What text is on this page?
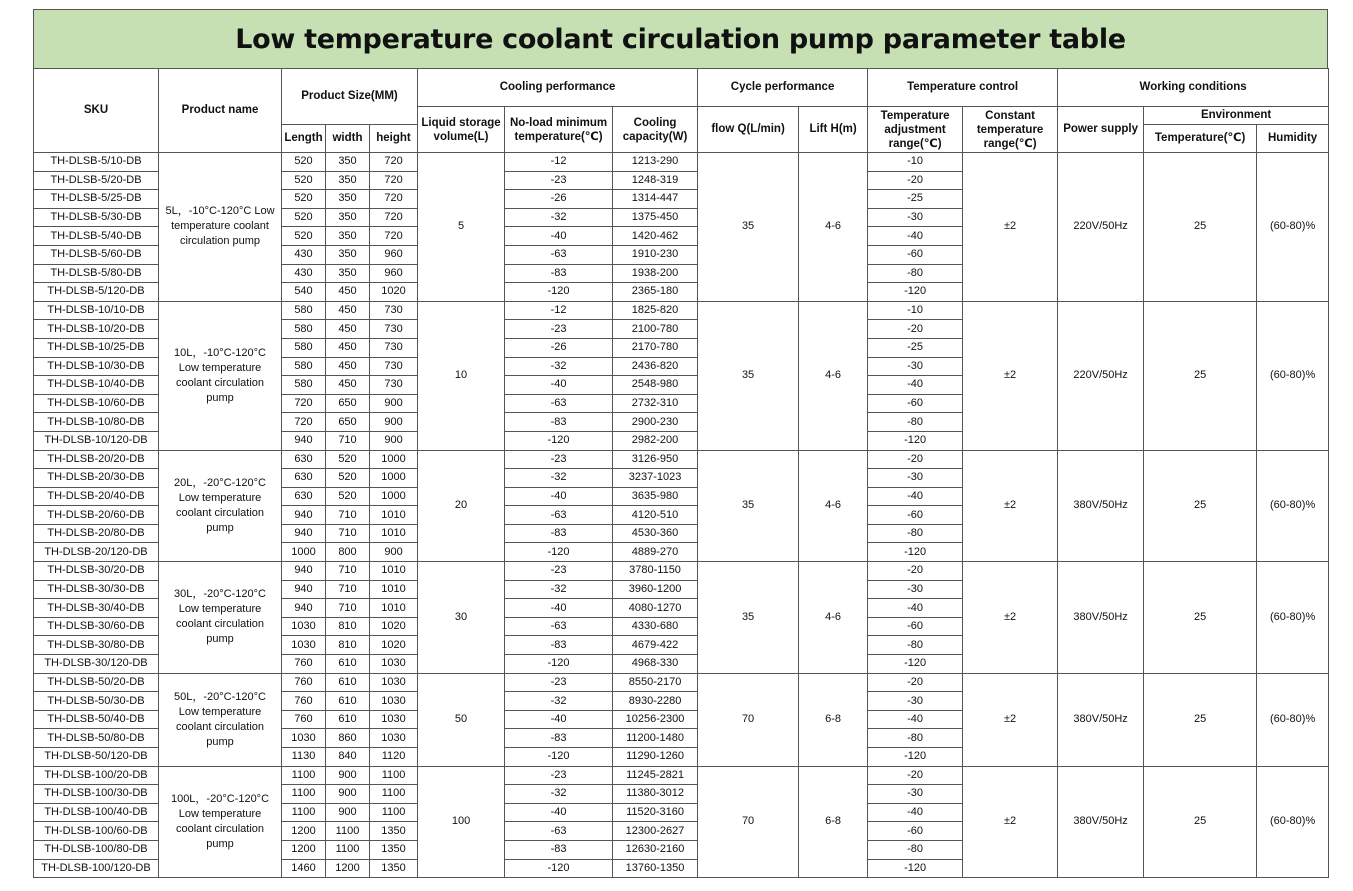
Low temperature coolant circulation pump parameter table
SKU	Product name	Product Size(MM)			Cooling performance			Cycle performance		Temperature control		Working conditions		
					Liquid storage volume(L)	No-load minimum temperature(℃)	Cooling capacity(W)	flow Q(L/min)	Lift H(m)	Temperature adjustment range(℃)	Constant temperature range(℃)	Power supply	Environment	
		Length	width	height									Temperature(℃)	Humidity
TH-DLSB-5/10-DB	5L，-10°C-120°C Low temperature coolant circulation pump	520	350	720	5	-12	1213-290	35	4-6	-10	±2	220V/50Hz	25	(60-80)%
TH-DLSB-5/20-DB		520	350	720		-23	1248-319			-20				
TH-DLSB-5/25-DB		520	350	720		-26	1314-447			-25				
TH-DLSB-5/30-DB		520	350	720		-32	1375-450			-30				
TH-DLSB-5/40-DB		520	350	720		-40	1420-462			-40				
TH-DLSB-5/60-DB		430	350	960		-63	1910-230			-60				
TH-DLSB-5/80-DB		430	350	960		-83	1938-200			-80				
TH-DLSB-5/120-DB		540	450	1020		-120	2365-180			-120				
TH-DLSB-10/10-DB	10L，-10°C-120°C Low temperature coolant circulation pump	580	450	730	10	-12	1825-820	35	4-6	-10	±2	220V/50Hz	25	(60-80)%
TH-DLSB-10/20-DB		580	450	730		-23	2100-780			-20				
TH-DLSB-10/25-DB		580	450	730		-26	2170-780			-25				
TH-DLSB-10/30-DB		580	450	730		-32	2436-820			-30				
TH-DLSB-10/40-DB		580	450	730		-40	2548-980			-40				
TH-DLSB-10/60-DB		720	650	900		-63	2732-310			-60				
TH-DLSB-10/80-DB		720	650	900		-83	2900-230			-80				
TH-DLSB-10/120-DB		940	710	900		-120	2982-200			-120				
TH-DLSB-20/20-DB	20L，-20°C-120°C Low temperature coolant circulation pump	630	520	1000	20	-23	3126-950	35	4-6	-20	±2	380V/50Hz	25	(60-80)%
TH-DLSB-20/30-DB		630	520	1000		-32	3237-1023			-30				
TH-DLSB-20/40-DB		630	520	1000		-40	3635-980			-40				
TH-DLSB-20/60-DB		940	710	1010		-63	4120-510			-60				
TH-DLSB-20/80-DB		940	710	1010		-83	4530-360			-80				
TH-DLSB-20/120-DB		1000	800	900		-120	4889-270			-120				
TH-DLSB-30/20-DB	30L，-20°C-120°C Low temperature coolant circulation pump	940	710	1010	30	-23	3780-1150	35	4-6	-20	±2	380V/50Hz	25	(60-80)%
TH-DLSB-30/30-DB		940	710	1010		-32	3960-1200			-30				
TH-DLSB-30/40-DB		940	710	1010		-40	4080-1270			-40				
TH-DLSB-30/60-DB		1030	810	1020		-63	4330-680			-60				
TH-DLSB-30/80-DB		1030	810	1020		-83	4679-422			-80				
TH-DLSB-30/120-DB		760	610	1030		-120	4968-330			-120				
TH-DLSB-50/20-DB	50L，-20°C-120°C Low temperature coolant circulation pump	760	610	1030	50	-23	8550-2170	70	6-8	-20	±2	380V/50Hz	25	(60-80)%
TH-DLSB-50/30-DB		760	610	1030		-32	8930-2280			-30				
TH-DLSB-50/40-DB		760	610	1030		-40	10256-2300			-40				
TH-DLSB-50/80-DB		1030	860	1030		-83	11200-1480			-80				
TH-DLSB-50/120-DB		1130	840	1120		-120	11290-1260			-120				
TH-DLSB-100/20-DB	100L，-20°C-120°C Low temperature coolant circulation pump	1100	900	1100	100	-23	11245-2821	70	6-8	-20	±2	380V/50Hz	25	(60-80)%
TH-DLSB-100/30-DB		1100	900	1100		-32	11380-3012			-30				
TH-DLSB-100/40-DB		1100	900	1100		-40	11520-3160			-40				
TH-DLSB-100/60-DB		1200	1100	1350		-63	12300-2627			-60				
TH-DLSB-100/80-DB		1200	1100	1350		-83	12630-2160			-80				
TH-DLSB-100/120-DB		1460	1200	1350		-120	13760-1350			-120				
